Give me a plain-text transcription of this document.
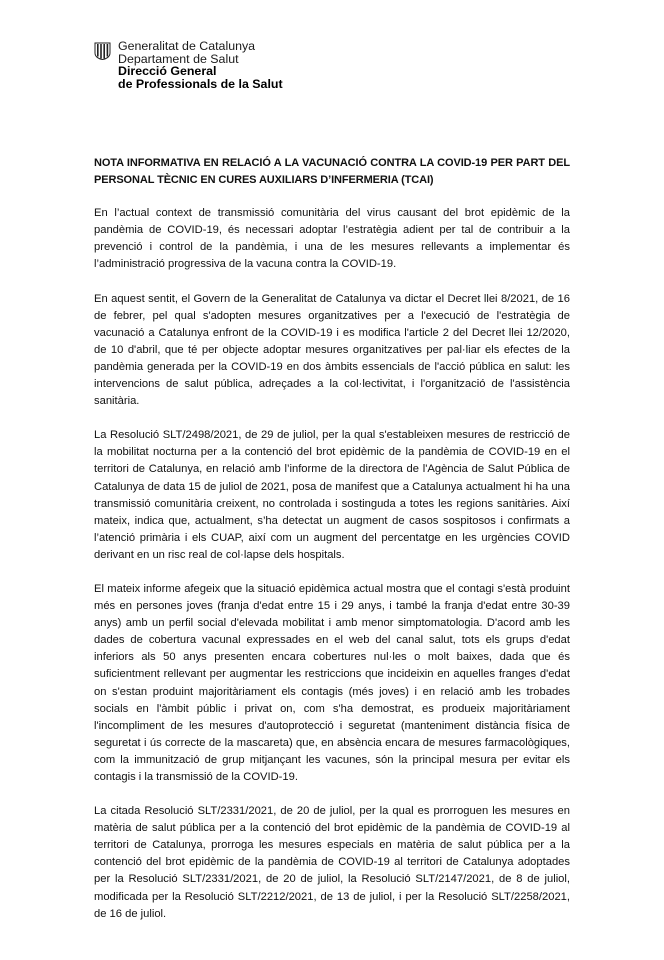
Generalitat de Catalunya
Departament de Salut
Direcció General
de Professionals de la Salut

NOTA INFORMATIVA EN RELACIÓ A LA VACUNACIÓ CONTRA LA COVID-19 PER PART DEL PERSONAL TÈCNIC EN CURES AUXILIARS D’INFERMERIA (TCAI)

En l’actual context de transmissió comunitària del virus causant del brot epidèmic de la pandèmia de COVID-19, és necessari adoptar l’estratègia adient per tal de contribuir a la prevenció i control de la pandèmia, i una de les mesures rellevants a implementar és l’administració progressiva de la vacuna contra la COVID-19.

En aquest sentit, el Govern de la Generalitat de Catalunya va dictar el Decret llei 8/2021, de 16 de febrer, pel qual s'adopten mesures organitzatives per a l'execució de l'estratègia de vacunació a Catalunya enfront de la COVID-19 i es modifica l'article 2 del Decret llei 12/2020, de 10 d'abril, que té per objecte adoptar mesures organitzatives per pal·liar els efectes de la pandèmia generada per la COVID-19 en dos àmbits essencials de l'acció pública en salut: les intervencions de salut pública, adreçades a la col·lectivitat, i l'organització de l'assistència sanitària.

La Resolució SLT/2498/2021, de 29 de juliol, per la qual s'estableixen mesures de restricció de la mobilitat nocturna per a la contenció del brot epidèmic de la pandèmia de COVID-19 en el territori de Catalunya, en relació amb l’informe de la directora de l'Agència de Salut Pública de Catalunya de data 15 de juliol de 2021, posa de manifest que a Catalunya actualment hi ha una transmissió comunitària creixent, no controlada i sostinguda a totes les regions sanitàries. Així mateix, indica que, actualment, s’ha detectat un augment de casos sospitosos i confirmats a l’atenció primària i els CUAP, així com un augment del percentatge en les urgències COVID derivant en un risc real de col·lapse dels hospitals.

El mateix informe afegeix que la situació epidèmica actual mostra que el contagi s'està produint més en persones joves (franja d'edat entre 15 i 29 anys, i també la franja d'edat entre 30-39 anys) amb un perfil social d'elevada mobilitat i amb menor simptomatologia. D'acord amb les dades de cobertura vacunal expressades en el web del canal salut, tots els grups d'edat inferiors als 50 anys presenten encara cobertures nul·les o molt baixes, dada que és suficientment rellevant per augmentar les restriccions que incideixin en aquelles franges d'edat on s'estan produint majoritàriament els contagis (més joves) i en relació amb les trobades socials en l'àmbit públic i privat on, com s'ha demostrat, es produeix majoritàriament l'incompliment de les mesures d'autoprotecció i seguretat (manteniment distància física de seguretat i ús correcte de la mascareta) que, en absència encara de mesures farmacològiques, com la immunització de grup mitjançant les vacunes, són la principal mesura per evitar els contagis i la transmissió de la COVID-19.

La citada Resolució SLT/2331/2021, de 20 de juliol, per la qual es prorroguen les mesures en matèria de salut pública per a la contenció del brot epidèmic de la pandèmia de COVID-19 al territori de Catalunya, prorroga les mesures especials en matèria de salut pública per a la contenció del brot epidèmic de la pandèmia de COVID-19 al territori de Catalunya adoptades per la Resolució SLT/2331/2021, de 20 de juliol, la Resolució SLT/2147/2021, de 8 de juliol, modificada per la Resolució SLT/2212/2021, de 13 de juliol, i per la Resolució SLT/2258/2021, de 16 de juliol.
